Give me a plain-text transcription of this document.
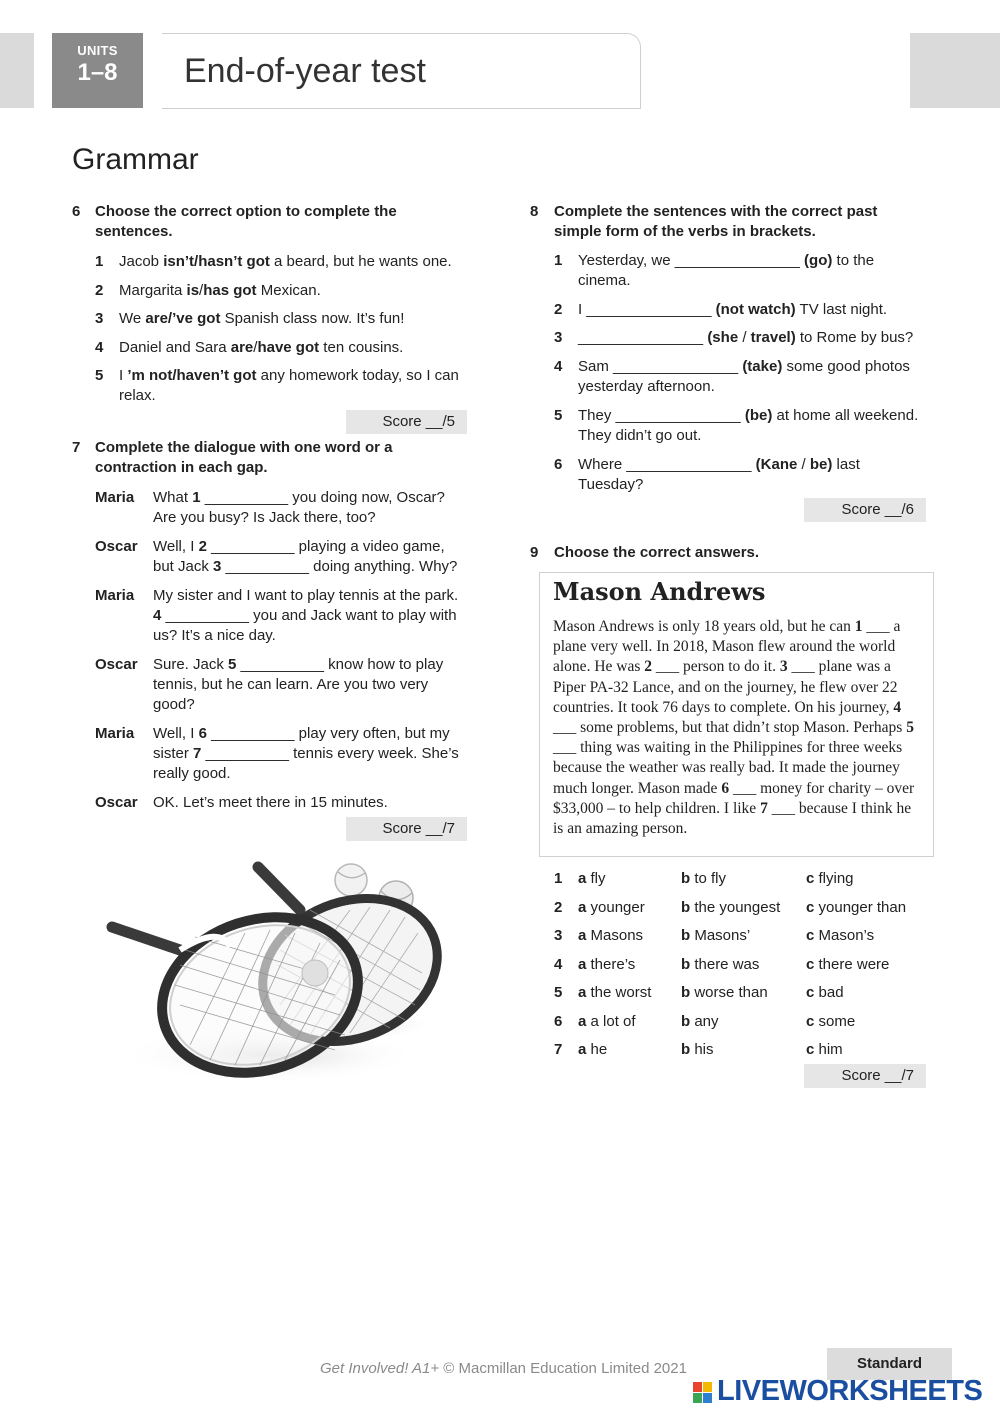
UNITS
1–8	End-of-year test
Grammar
6 Choose the correct option to complete the sentences.
Score __/5
7 Complete the dialogue with one word or a contraction in each gap.
Score __/7
8 Complete the sentences with the correct past simple form of the verbs in brackets.
Score __/6
9 Choose the correct answers.
Mason Andrews
Mason Andrews is only 18 years old, but he can 1 ___ a plane very well. In 2018, Mason flew around the world alone. He was 2 ___ person to do it. 3 ___ plane was a Piper PA-32 Lance, and on the journey, he flew over 22 countries. It took 76 days to complete. On his journey, 4 ___ some problems, but that didn’t stop Mason. Perhaps 5 ___ thing was waiting in the Philippines for three weeks because the weather was really bad. It made the journey much longer. Mason made 6 ___ money for charity – over $33,000 – to help children. I like 7 ___ because I think he is an amazing person.
Score __/7
Get Involved! A1+ © Macmillan Education Limited 2021	Standard
LIVEWORKSHEETS
1 Jacob isn’t/hasn’t got a beard, but he wants one.
2 Margarita is/has got Mexican.
3 We are/’ve got Spanish class now. It’s fun!
4 Daniel and Sara are/have got ten cousins.
5 I ’m not/haven’t got any homework today, so I can relax.
Maria	What 1 __________ you doing now, Oscar? Are you busy? Is Jack there, too?
Oscar	Well, I 2 __________ playing a video game, but Jack 3 __________ doing anything. Why?
Maria	My sister and I want to play tennis at the park. 4 __________ you and Jack want to play with us? It’s a nice day.
Oscar	Sure. Jack 5 __________ know how to play tennis, but he can learn. Are you two very good?
Maria	Well, I 6 __________ play very often, but my sister 7 __________ tennis every week. She’s really good.
Oscar	OK. Let’s meet there in 15 minutes.
1 Yesterday, we _______________ (go) to the cinema.
2 I _______________ (not watch) TV last night.
3 _______________ (she / travel) to Rome by bus?
4 Sam _______________ (take) some good photos yesterday afternoon.
5 They _______________ (be) at home all weekend. They didn’t go out.
6 Where _______________ (Kane / be) last Tuesday?
1 a fly	b to fly	c flying
2 a younger	b the youngest	c younger than
3 a Masons	b Masons’	c Mason’s
4 a there’s	b there was	c there were
5 a the worst	b worse than	c bad
6 a a lot of	b any	c some
7 a he	b his	c him
